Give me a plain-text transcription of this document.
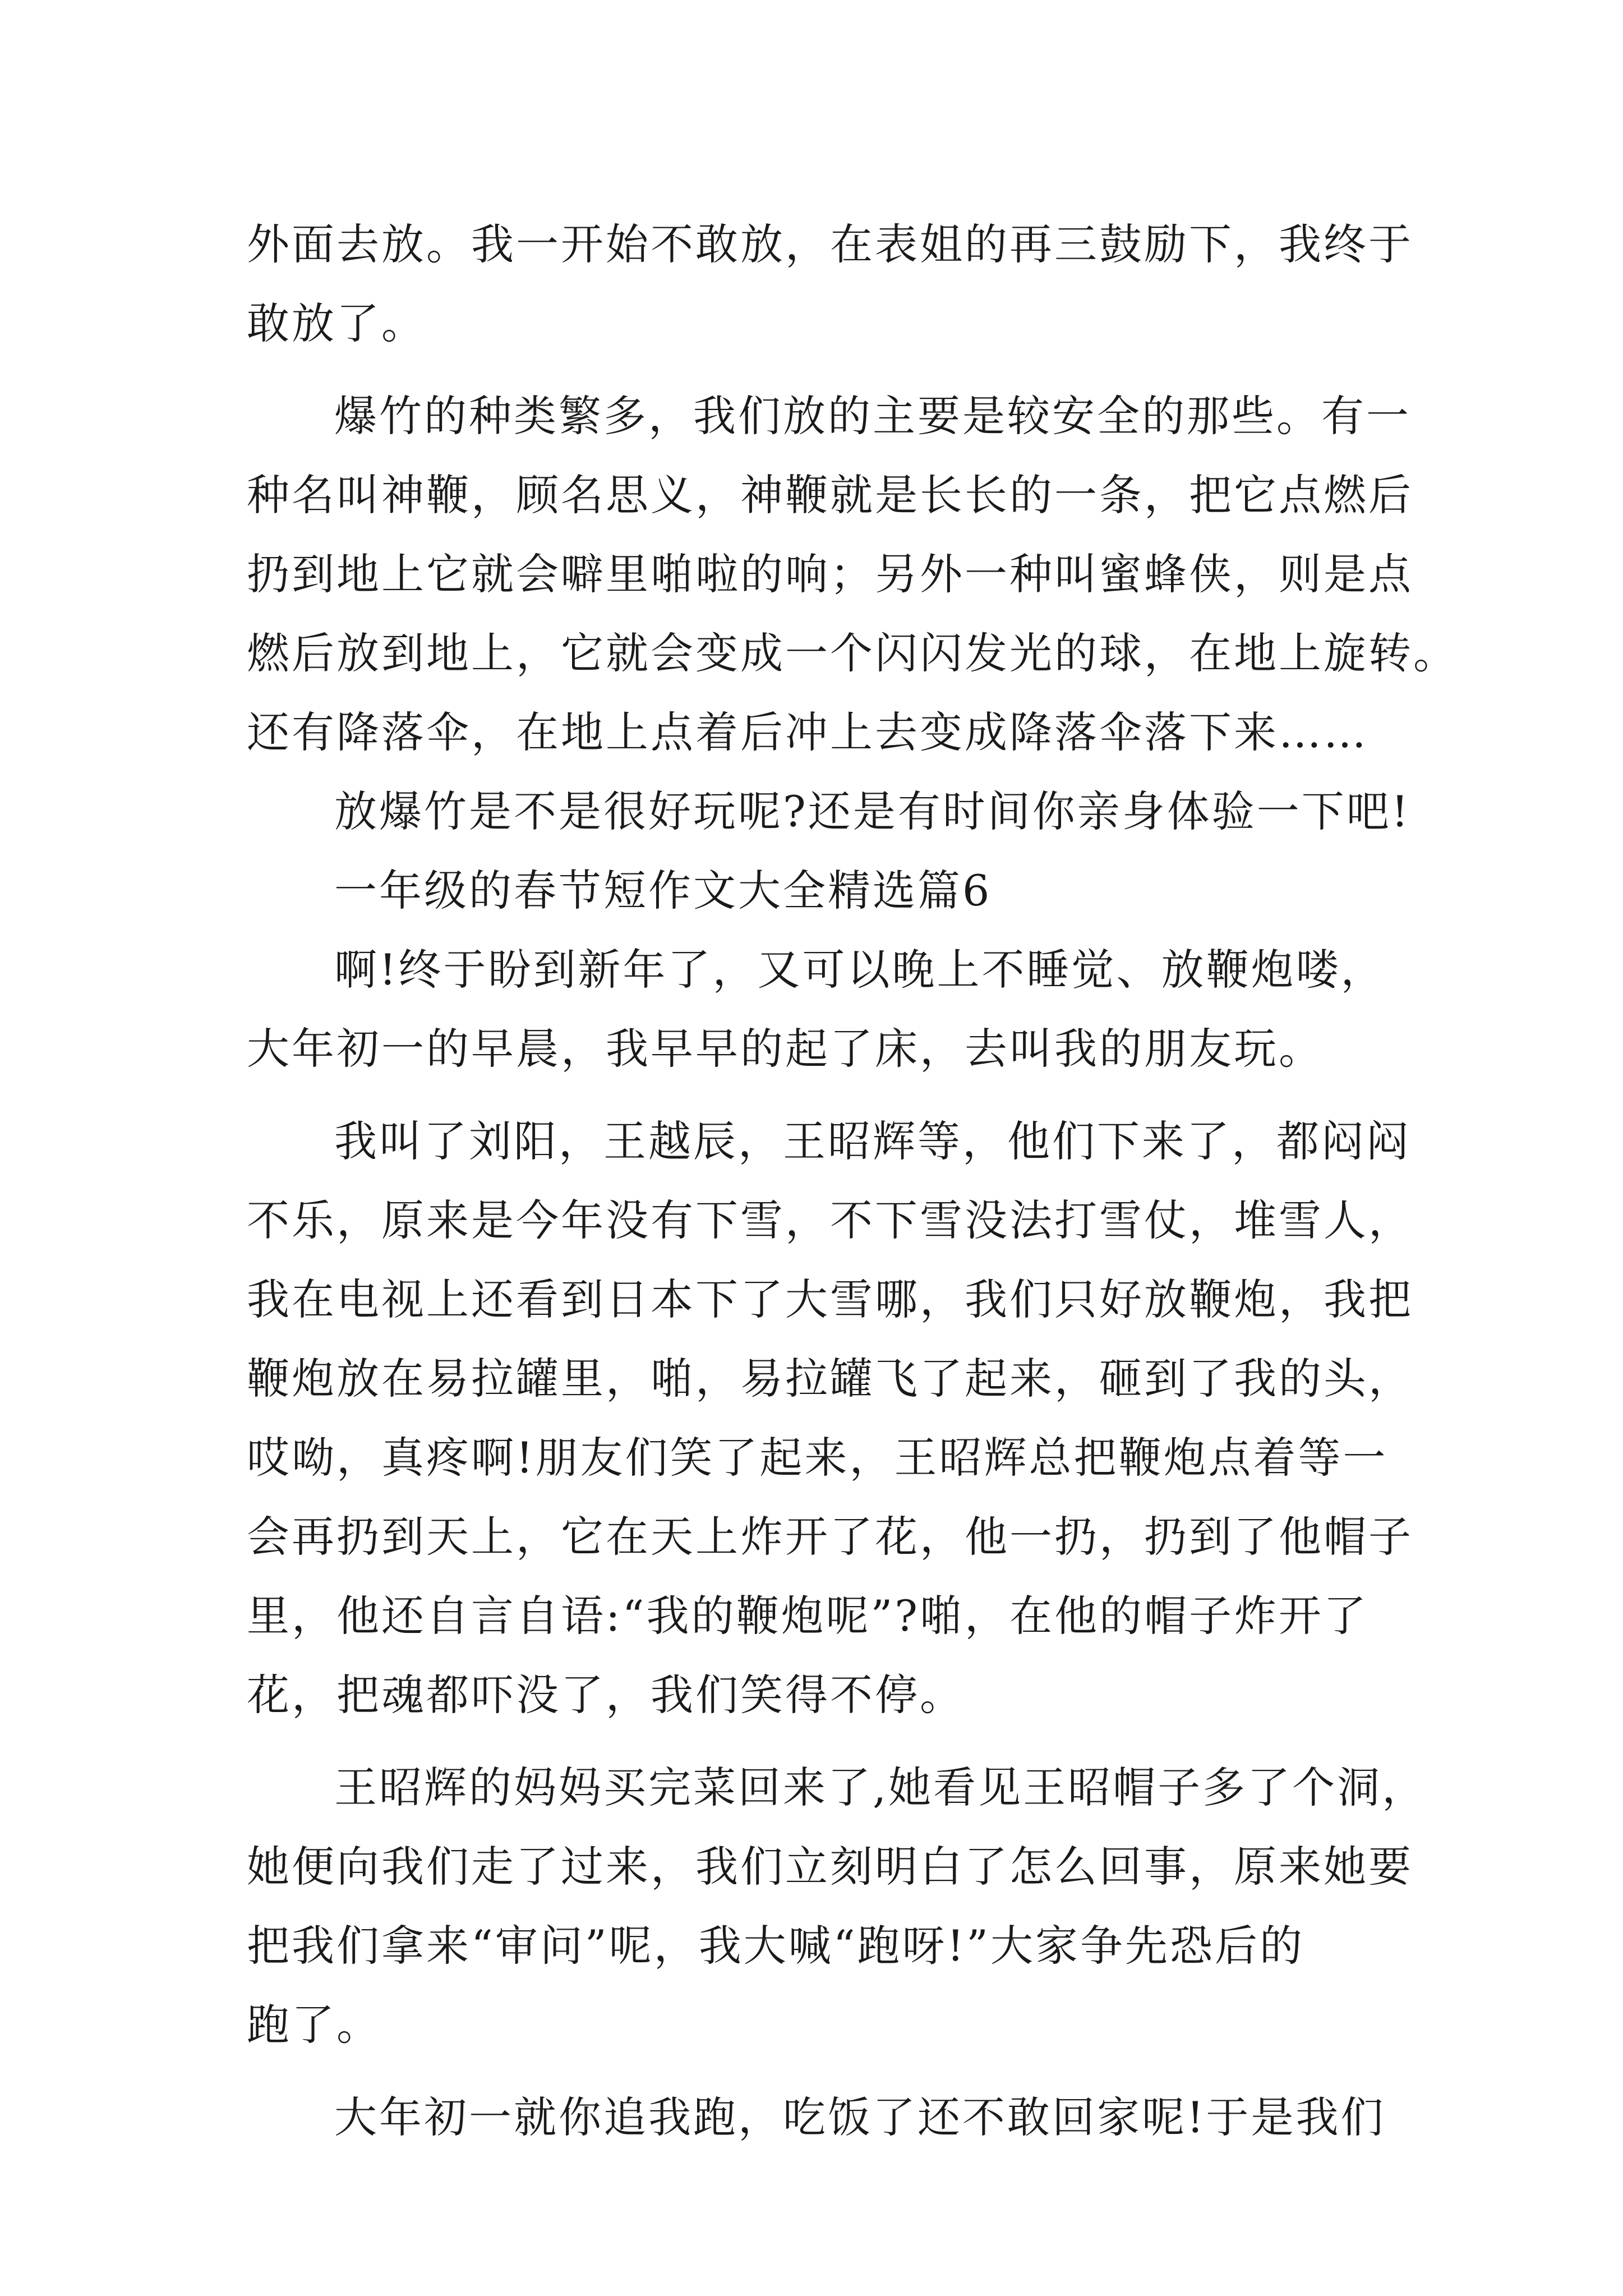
外面去放。我一开始不敢放，在表姐的再三鼓励下，我终于
敢放了。
爆竹的种类繁多，我们放的主要是较安全的那些。有一
种名叫神鞭，顾名思义，神鞭就是长长的一条，把它点燃后
扔到地上它就会噼里啪啦的响；另外一种叫蜜蜂侠，则是点
燃后放到地上，它就会变成一个闪闪发光的球，在地上旋转。
还有降落伞，在地上点着后冲上去变成降落伞落下来……
放爆竹是不是很好玩呢?还是有时间你亲身体验一下吧!
一年级的春节短作文大全精选篇6
啊!终于盼到新年了，又可以晚上不睡觉、放鞭炮喽，
大年初一的早晨，我早早的起了床，去叫我的朋友玩。
我叫了刘阳，王越辰，王昭辉等，他们下来了，都闷闷
不乐，原来是今年没有下雪，不下雪没法打雪仗，堆雪人，
我在电视上还看到日本下了大雪哪，我们只好放鞭炮，我把
鞭炮放在易拉罐里，啪，易拉罐飞了起来，砸到了我的头，
哎呦，真疼啊!朋友们笑了起来，王昭辉总把鞭炮点着等一
会再扔到天上，它在天上炸开了花，他一扔，扔到了他帽子
里，他还自言自语:“我的鞭炮呢”?啪，在他的帽子炸开了
花，把魂都吓没了，我们笑得不停。
王昭辉的妈妈买完菜回来了,她看见王昭帽子多了个洞，
她便向我们走了过来，我们立刻明白了怎么回事，原来她要
把我们拿来“审问”呢，我大喊“跑呀!”大家争先恐后的
跑了。
大年初一就你追我跑，吃饭了还不敢回家呢!于是我们
